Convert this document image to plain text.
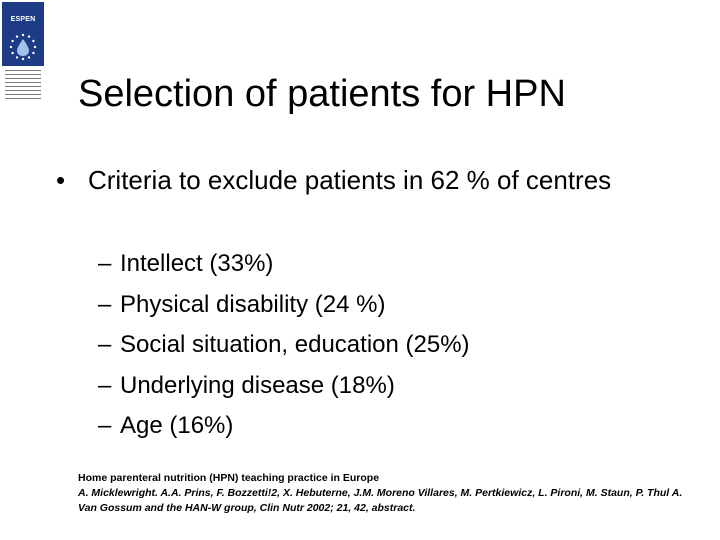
ESPEN
Selection of patients for HPN
• Criteria to exclude patients in 62 % of centres
– Intellect (33%)
– Physical disability (24 %)
– Social situation, education (25%)
– Underlying disease (18%)
– Age (16%)
Home parenteral nutrition (HPN) teaching practice in Europe
A. Micklewright. A.A. Prins, F. Bozzetti!2, X. Hebuterne, J.M. Moreno Villares, M. Pertkiewicz, L. Pironi, M. Staun, P. Thul A. Van Gossum and the HAN-W group, Clin Nutr 2002; 21, 42, abstract.
